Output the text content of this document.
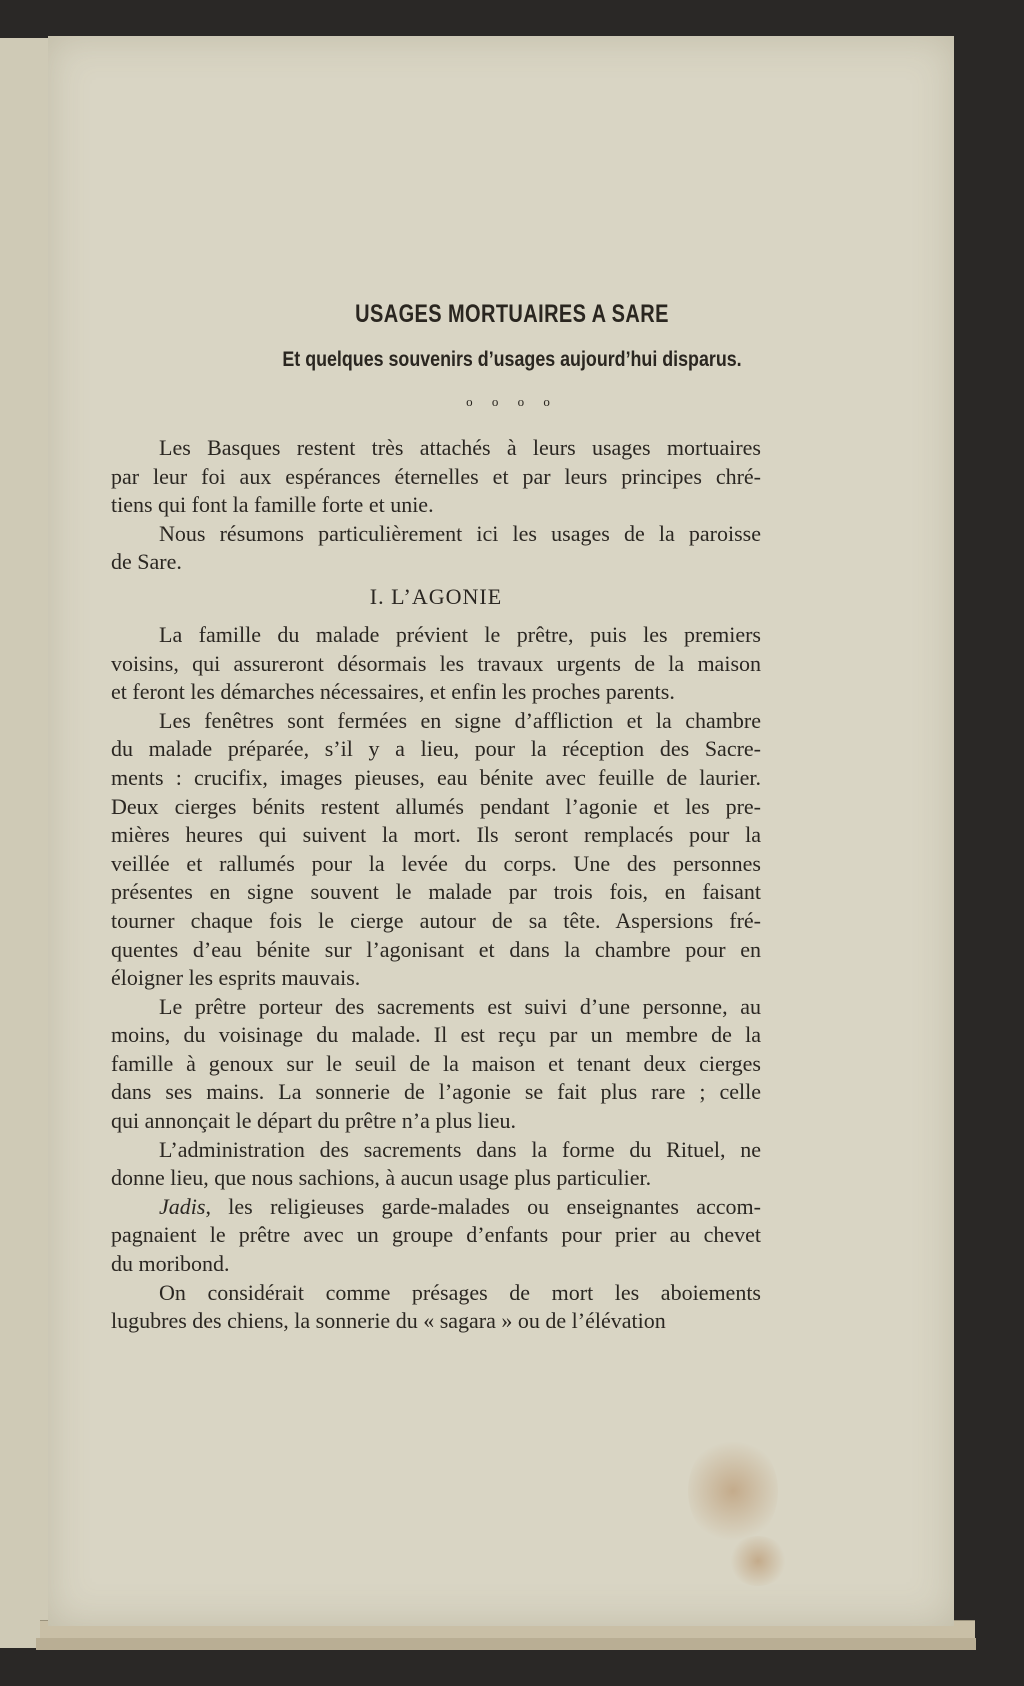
USAGES MORTUAIRES A SARE
Et quelques souvenirs d’usages aujourd’hui disparus.
o o o o
Les Basques restent très attachés à leurs usages mortuaires
par leur foi aux espérances éternelles et par leurs principes chré-
tiens qui font la famille forte et unie.
Nous résumons particulièrement ici les usages de la paroisse
de Sare.
I. L’AGONIE
La famille du malade prévient le prêtre, puis les premiers
voisins, qui assureront désormais les travaux urgents de la maison
et feront les démarches nécessaires, et enfin les proches parents.
Les fenêtres sont fermées en signe d’affliction et la chambre
du malade préparée, s’il y a lieu, pour la réception des Sacre-
ments : crucifix, images pieuses, eau bénite avec feuille de laurier.
Deux cierges bénits restent allumés pendant l’agonie et les pre-
mières heures qui suivent la mort. Ils seront remplacés pour la
veillée et rallumés pour la levée du corps. Une des personnes
présentes en signe souvent le malade par trois fois, en faisant
tourner chaque fois le cierge autour de sa tête. Aspersions fré-
quentes d’eau bénite sur l’agonisant et dans la chambre pour en
éloigner les esprits mauvais.
Le prêtre porteur des sacrements est suivi d’une personne, au
moins, du voisinage du malade. Il est reçu par un membre de la
famille à genoux sur le seuil de la maison et tenant deux cierges
dans ses mains. La sonnerie de l’agonie se fait plus rare ; celle
qui annonçait le départ du prêtre n’a plus lieu.
L’administration des sacrements dans la forme du Rituel, ne
donne lieu, que nous sachions, à aucun usage plus particulier.
Jadis, les religieuses garde-malades ou enseignantes accom-
pagnaient le prêtre avec un groupe d’enfants pour prier au chevet
du moribond.
On considérait comme présages de mort les aboiements
lugubres des chiens, la sonnerie du « sagara » ou de l’élévation
